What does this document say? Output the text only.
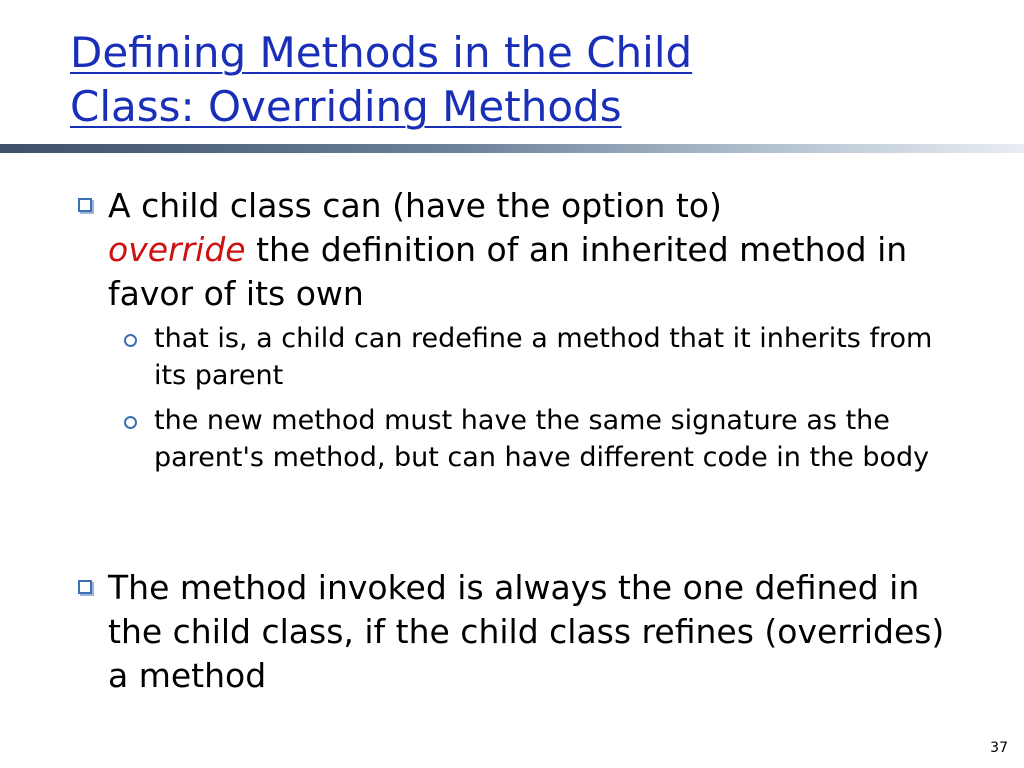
Defining Methods in the Child
Class: Overriding Methods
A child class can (have the option to)
override the definition of an inherited method in favor of its own
that is, a child can redefine a method that it inherits from its parent
the new method must have the same signature as the parent's method, but can have different code in the body
The method invoked is always the one defined in the child class, if the child class refines (overrides) a method
37
